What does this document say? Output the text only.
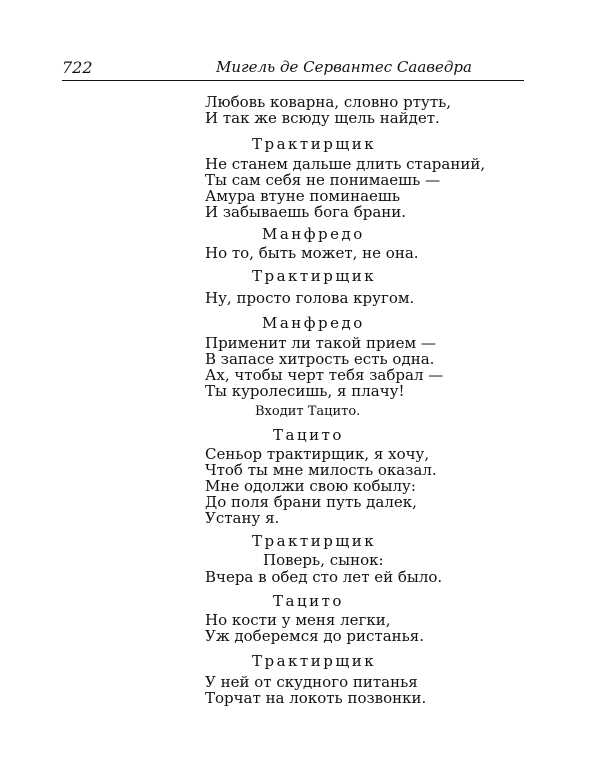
722	Мигель де Сервантес Сааведра
Любовь коварна, словно ртуть,
И так же всюду щель найдет.
Трактирщик
Не станем дальше длить стараний,
Ты сам себя не понимаешь —
Амура втуне поминаешь
И забываешь бога брани.
Манфредо
Но то, быть может, не она.
Трактирщик
Ну, просто голова кругом.
Манфредо
Применит ли такой прием —
В запасе хитрость есть одна.
Ах, чтобы черт тебя забрал —
Ты куролесишь, я плачу!
Входит Тацито.
Тацито
Сеньор трактирщик, я хочу,
Чтоб ты мне милость оказал.
Мне одолжи свою кобылу:
До поля брани путь далек,
Устану я.
Трактирщик
Поверь, сынок:
Вчера в обед сто лет ей было.
Тацито
Но кости у меня легки,
Уж доберемся до ристанья.
Трактирщик
У ней от скудного питанья
Торчат на локоть позвонки.
